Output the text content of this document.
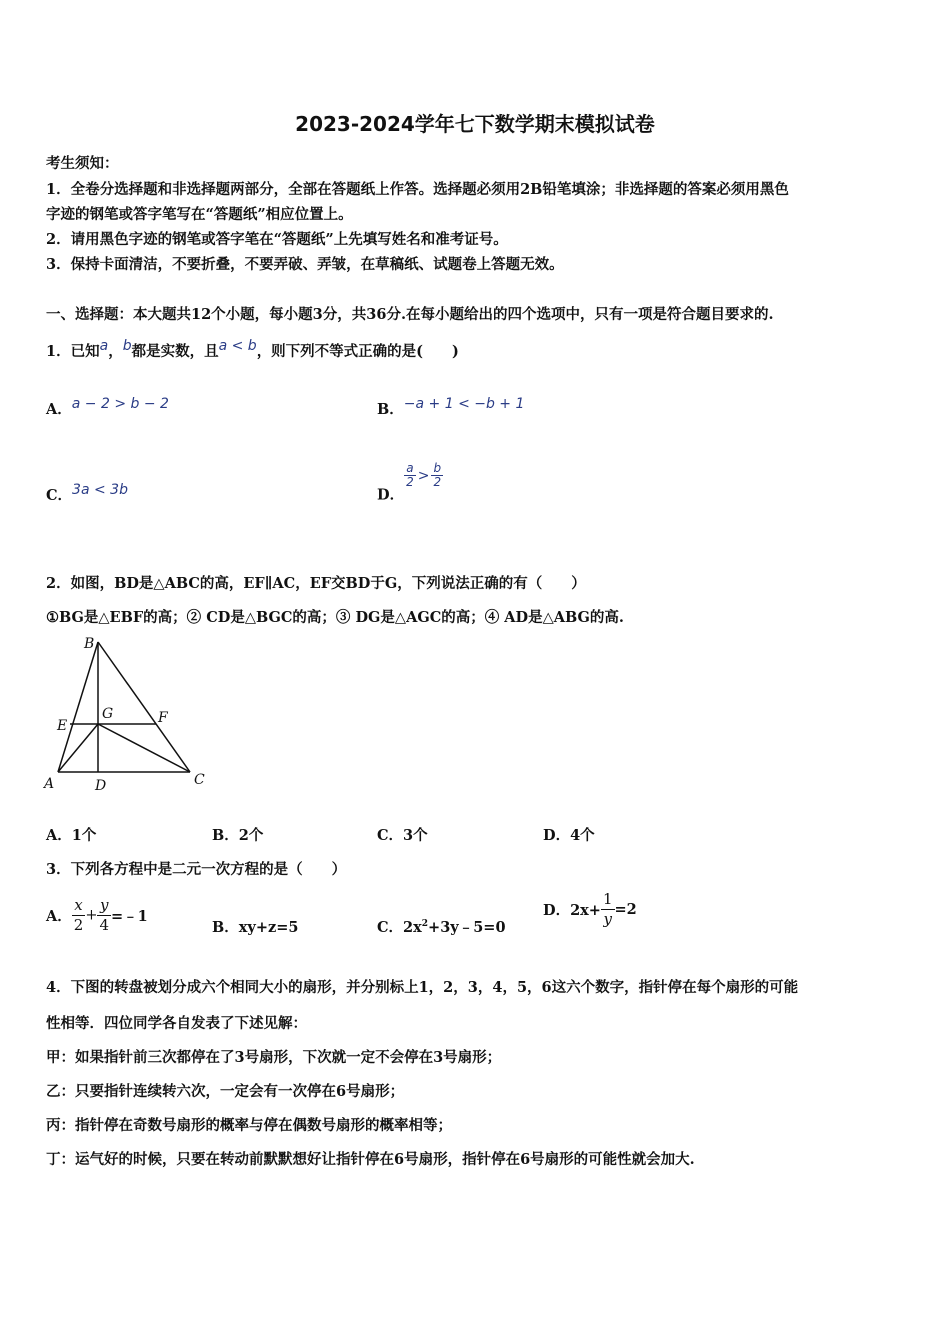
2023-2024学年七下数学期末模拟试卷
考生须知：
1．全卷分选择题和非选择题两部分，全部在答题纸上作答。选择题必须用2B铅笔填涂；非选择题的答案必须用黑色
字迹的钢笔或答字笔写在“答题纸”相应位置上。
2．请用黑色字迹的钢笔或答字笔在“答题纸”上先填写姓名和准考证号。
3．保持卡面清洁，不要折叠，不要弄破、弄皱，在草稿纸、试题卷上答题无效。
一、选择题：本大题共12个小题，每小题3分，共36分.在每小题给出的四个选项中，只有一项是符合题目要求的.
1．已知a，b都是实数，且a < b，则下列不等式正确的是(　　)
A．a − 2 > b − 2	B．−a + 1 < −b + 1
C．3a < 3b	D．
$\frac{a}{2} > \frac{b}{2}$
2．如图，BD是△ABC的高，EF∥AC，EF交BD于G，下列说法正确的有（　　）
①BG是△EBF的高；② CD是△BGC的高；③ DG是△AGC的高；④ AD是△ABG的高.
B
E
G	F
A	D	C
A．1个	B．2个	C．3个	D．4个
3．下列各方程中是二元一次方程的是（　　）
A． $\frac{x}{2} + \frac{y}{4}$ =﹣1
B．xy+z=5	C．$2x^2+3y﹣5=0$
D．$2x+ \frac{1}{y} =2$
4．下图的转盘被划分成六个相同大小的扇形，并分别标上1，2，3，4，5，6这六个数字，指针停在每个扇形的可能
性相等．四位同学各自发表了下述见解：
甲：如果指针前三次都停在了3号扇形，下次就一定不会停在3号扇形；
乙：只要指针连续转六次，一定会有一次停在6号扇形；
丙：指针停在奇数号扇形的概率与停在偶数号扇形的概率相等；
丁：运气好的时候，只要在转动前默默想好让指针停在6号扇形，指针停在6号扇形的可能性就会加大.
